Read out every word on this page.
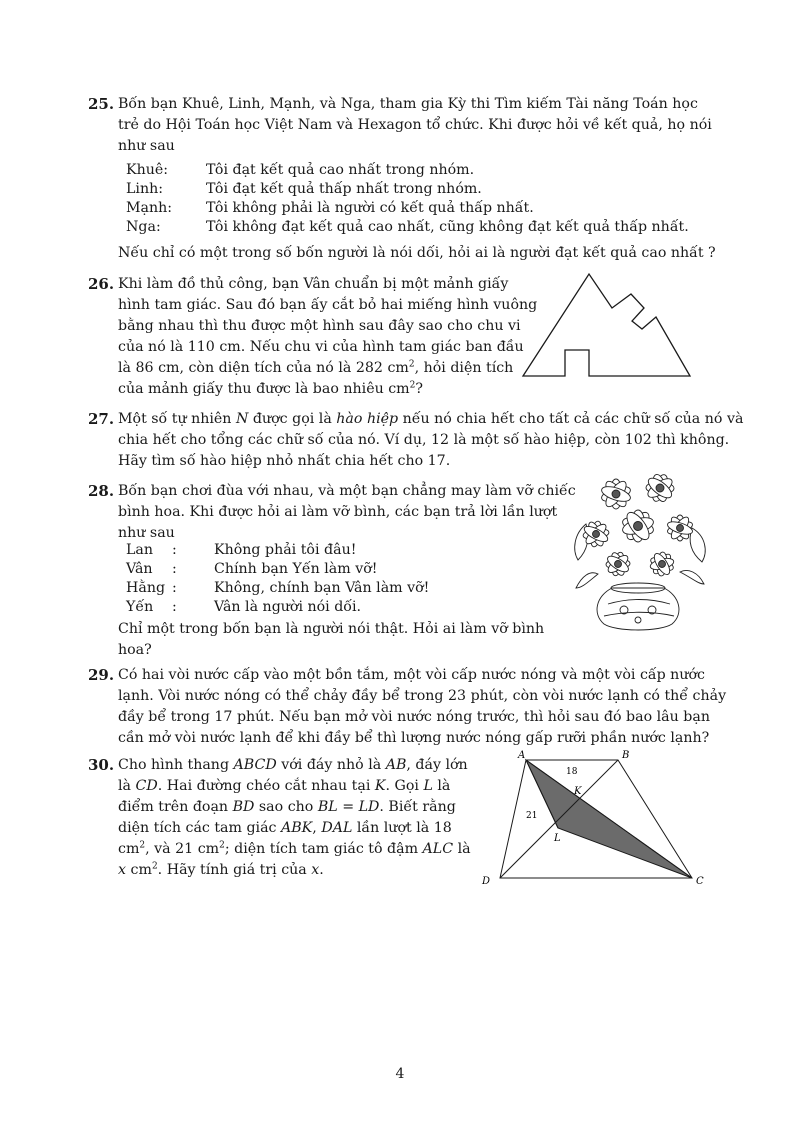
25. Bốn bạn Khuê, Linh, Mạnh, và Nga, tham gia Kỳ thi Tìm kiếm Tài năng Toán học
trẻ do Hội Toán học Việt Nam và Hexagon tổ chức. Khi được hỏi về kết quả, họ nói
như sau
Khuê:	Tôi đạt kết quả cao nhất trong nhóm.
Linh:	Tôi đạt kết quả thấp nhất trong nhóm.
Mạnh:	Tôi không phải là người có kết quả thấp nhất.
Nga:	Tôi không đạt kết quả cao nhất, cũng không đạt kết quả thấp nhất.
Nếu chỉ có một trong số bốn người là nói dối, hỏi ai là người đạt kết quả cao nhất ?
26. Khi làm đồ thủ công, bạn Vân chuẩn bị một mảnh giấy
hình tam giác. Sau đó bạn ấy cắt bỏ hai miếng hình vuông
bằng nhau thì thu được một hình sau đây sao cho chu vi
của nó là 110 cm. Nếu chu vi của hình tam giác ban đầu
là 86 cm, còn diện tích của nó là 282 $cm^2$, hỏi diện tích
của mảnh giấy thu được là bao nhiêu $cm^2$?
27. Một số tự nhiên N được gọi là hào hiệp nếu nó chia hết cho tất cả các chữ số của nó và
chia hết cho tổng các chữ số của nó. Ví dụ, 12 là một số hào hiệp, còn 102 thì không.
Hãy tìm số hào hiệp nhỏ nhất chia hết cho 17.
28. Bốn bạn chơi đùa với nhau, và một bạn chẳng may làm vỡ chiếc
bình hoa. Khi được hỏi ai làm vỡ bình, các bạn trả lời lần lượt
như sau
Lan	:	Không phải tôi đâu!
Vân	:	Chính bạn Yến làm vỡ!
Hằng	:	Không, chính bạn Vân làm vỡ!
Yến	:	Vân là người nói dối.
Chỉ một trong bốn bạn là người nói thật. Hỏi ai làm vỡ bình
hoa?
29. Có hai vòi nước cấp vào một bồn tắm, một vòi cấp nước nóng và một vòi cấp nước
lạnh. Vòi nước nóng có thể chảy đầy bể trong 23 phút, còn vòi nước lạnh có thể chảy
đầy bể trong 17 phút. Nếu bạn mở vòi nước nóng trước, thì hỏi sau đó bao lâu bạn
cần mở vòi nước lạnh để khi đầy bể thì lượng nước nóng gấp rưỡi phần nước lạnh?
30. Cho hình thang ABCD với đáy nhỏ là AB, đáy lớn
là CD. Hai đường chéo cắt nhau tại K. Gọi L là
điểm trên đoạn BD sao cho BL = LD. Biết rằng
diện tích các tam giác ABK, DAL lần lượt là 18
$cm^2$, và 21 $cm^2$; diện tích tam giác tô đậm ALC là
x $cm^2$. Hãy tính giá trị của x.
A	B
C
D
K
L
18
21
4
